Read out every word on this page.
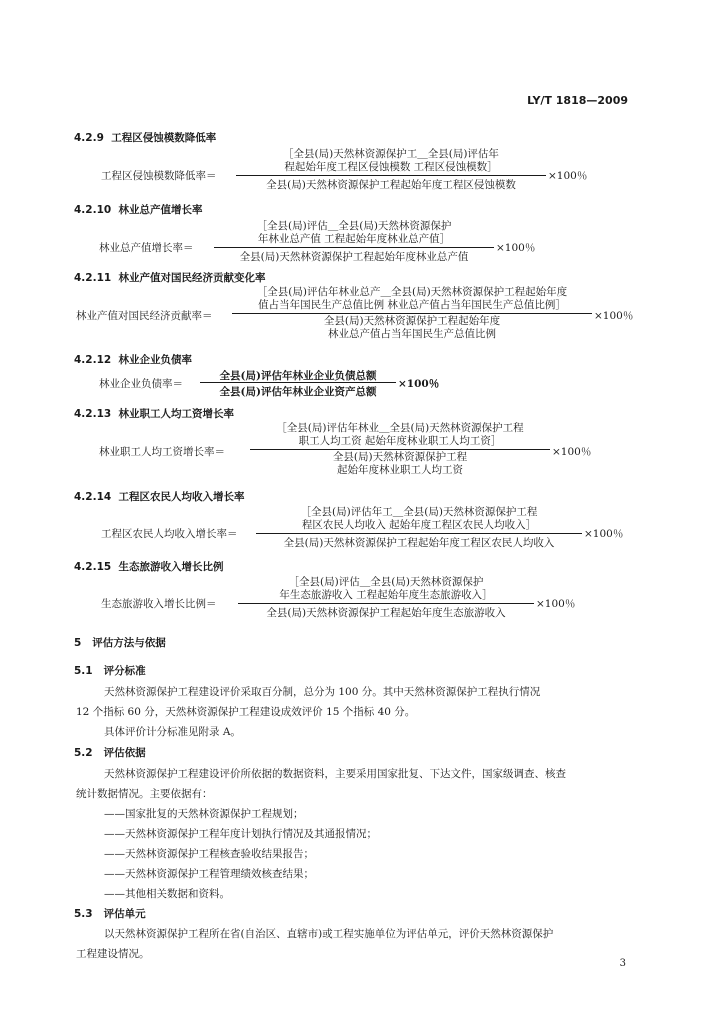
LY/T 1818—2009
4.2.9 工程区侵蚀模数降低率
工程区侵蚀模数降低率＝
［全县(局)天然林资源保护工＿全县(局)评估年
程起始年度工程区侵蚀模数 工程区侵蚀模数］
全县(局)天然林资源保护工程起始年度工程区侵蚀模数
×100％
4.2.10 林业总产值增长率
林业总产值增长率＝
［全县(局)评估＿全县(局)天然林资源保护
年林业总产值 工程起始年度林业总产值］
全县(局)天然林资源保护工程起始年度林业总产值
×100％
4.2.11 林业产值对国民经济贡献变化率
林业产值对国民经济贡献率＝
［全县(局)评估年林业总产＿全县(局)天然林资源保护工程起始年度
值占当年国民生产总值比例 林业总产值占当年国民生产总值比例］
全县(局)天然林资源保护工程起始年度
林业总产值占当年国民生产总值比例
×100％
4.2.12 林业企业负债率
林业企业负债率＝
全县(局)评估年林业企业负债总额
全县(局)评估年林业企业资产总额
×100％
4.2.13 林业职工人均工资增长率
林业职工人均工资增长率＝
［全县(局)评估年林业＿全县(局)天然林资源保护工程
职工人均工资 起始年度林业职工人均工资］
全县(局)天然林资源保护工程
起始年度林业职工人均工资
×100％
4.2.14 工程区农民人均收入增长率
工程区农民人均收入增长率＝
［全县(局)评估年工＿全县(局)天然林资源保护工程
程区农民人均收入 起始年度工程区农民人均收入］
全县(局)天然林资源保护工程起始年度工程区农民人均收入
×100％
4.2.15 生态旅游收入增长比例
生态旅游收入增长比例＝
［全县(局)评估＿全县(局)天然林资源保护
年生态旅游收入 工程起始年度生态旅游收入］
全县(局)天然林资源保护工程起始年度生态旅游收入
×100％
5 评估方法与依据
5.1 评分标准
天然林资源保护工程建设评价采取百分制，总分为 100 分。其中天然林资源保护工程执行情况
12 个指标 60 分，天然林资源保护工程建设成效评价 15 个指标 40 分。
具体评价计分标准见附录 A。
5.2 评估依据
天然林资源保护工程建设评价所依据的数据资料，主要采用国家批复、下达文件，国家级调查、核查
统计数据情况。主要依据有：
——国家批复的天然林资源保护工程规划；
——天然林资源保护工程年度计划执行情况及其通报情况；
——天然林资源保护工程核查验收结果报告；
——天然林资源保护工程管理绩效核查结果；
——其他相关数据和资料。
5.3 评估单元
以天然林资源保护工程所在省(自治区、直辖市)或工程实施单位为评估单元，评价天然林资源保护
工程建设情况。
3
